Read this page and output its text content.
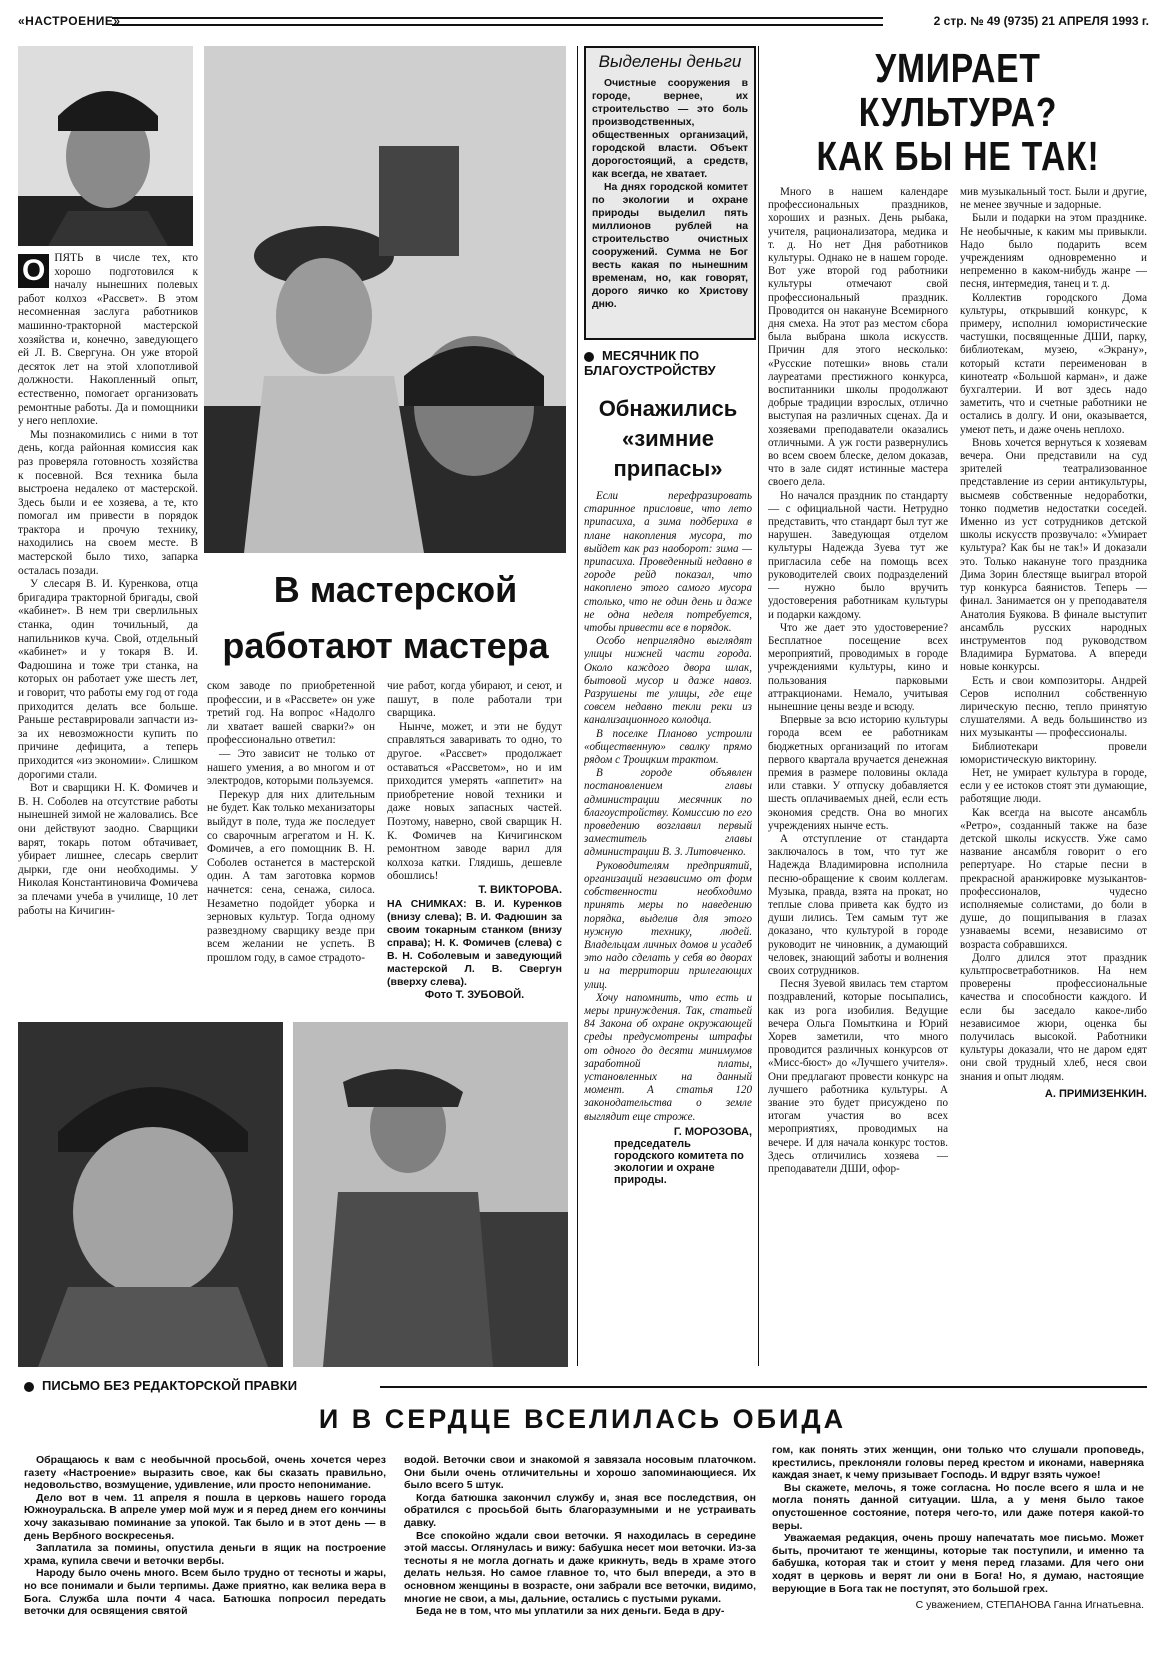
«НАСТРОЕНИЕ»	2 стр. № 49 (9735) 21 АПРЕЛЯ 1993 г.
О ПЯТЬ в числе тех, кто хорошо подготовился к началу нынешних полевых работ колхоз «Рассвет». В этом несомненная заслуга работников машинно-тракторной мастерской хозяйства и, конечно, заведующего ей Л. В. Свергуна. Он уже второй десяток лет на этой хлопотливой должности. Накопленный опыт, естественно, помогает организовать ремонтные работы. Да и помощники у него неплохие.

Мы познакомились с ними в тот день, когда районная комиссия как раз проверяла готовность хозяйства к посевной. Вся техника была выстроена недалеко от мастерской. Здесь были и ее хозяева, а те, кто помогал им привести в порядок трактора и прочую технику, находились на своем месте. В мастерской было тихо, запарка осталась позади.

У слесаря В. И. Куренкова, отца бригадира тракторной бригады, свой «кабинет». В нем три сверлильных станка, один точильный, да напильников куча. Свой, отдельный «кабинет» и у токаря В. И. Фадюшина и тоже три станка, на которых он работает уже шесть лет, и говорит, что работы ему год от года приходится делать все больше. Раньше реставрировали запчасти из-за их невозможности купить по причине дефицита, а теперь приходится «из экономии». Слишком дорогими стали.

Вот и сварщики Н. К. Фомичев и В. Н. Соболев на отсутствие работы нынешней зимой не жаловались. Все они действуют заодно. Сварщики варят, токарь потом обтачивает, убирает лишнее, слесарь сверлит дырки, где они необходимы. У Николая Константиновича Фомичева за плечами учеба в училище, 10 лет работы на Кичигин-

В мастерской
работают мастера

ском заводе по приобретенной профессии, и в «Рассвете» он уже третий год. На вопрос «Надолго ли хватает вашей сварки?» он профессионально ответил:

— Это зависит не только от нашего умения, а во многом и от электродов, которыми пользуемся.

Перекур для них длительным не будет. Как только механизаторы выйдут в поле, туда же последует со сварочным агрегатом и Н. К. Фомичев, а его помощник В. Н. Соболев останется в мастерской один. А там заготовка кормов начнется: сена, сенажа, силоса. Незаметно подойдет уборка и зерновых культур. Тогда одному развездному сварщику везде при всем желании не успеть. В прошлом году, в самое страдото-

чие работ, когда убирают, и сеют, и пашут, в поле работали три сварщика.

Нынче, может, и эти не будут справляться заваривать то одно, то другое. «Рассвет» продолжает оставаться «Рассветом», но и им приходится умерять «аппетит» на приобретение новой техники и даже новых запасных частей. Поэтому, наверно, свой сварщик Н. К. Фомичев на Кичигинском ремонтном заводе варил для колхоза катки. Глядишь, дешевле обошлись!

Т. ВИКТОРОВА.
НА СНИМКАХ: В. И. Куренков (внизу слева); В. И. Фадюшин за своим токарным станком (внизу справа); Н. К. Фомичев (слева) с В. Н. Соболевым и заведующий мастерской Л. В. Свергун (вверху слева).
Фото Т. ЗУБОВОЙ.
Выделены деньги

Очистные сооружения в городе, вернее, их строительство — это боль производственных, общественных организаций, городской власти. Объект дорогостоящий, а средств, как всегда, не хватает.

На днях городской комитет по экологии и охране природы выделил пять миллионов рублей на строительство очистных сооружений. Сумма не Бог весть какая по нынешним временам, но, как говорят, дорого яичко ко Христову дню.

МЕСЯЧНИК ПО БЛАГОУСТРОЙСТВУ
Обнажились «зимние припасы»

Если перефразировать старинное присловие, что лето припасиха, а зима подбериха в плане накопления мусора, то выйдет как раз наоборот: зима — припасиха. Проведенный недавно в городе рейд показал, что накоплено этого самого мусора столько, что не один день и даже не одна неделя потребуется, чтобы привести все в порядок.

Особо неприглядно выглядят улицы нижней части города. Около каждого двора шлак, бытовой мусор и даже навоз. Разрушены те улицы, где еще совсем недавно текли реки из канализационного колодца.

В поселке Планово устроили «общественную» свалку прямо рядом с Троицким трактом.

В городе объявлен постановлением главы администрации месячник по благоустройству. Комиссию по его проведению возглавил первый заместитель главы администрации В. З. Литовченко.

Руководителям предприятий, организаций независимо от форм собственности необходимо принять меры по наведению порядка, выделив для этого нужную технику, людей. Владельцам личных домов и усадеб это надо сделать у себя во дворах и на территории прилегающих улиц.

Хочу напомнить, что есть и меры принуждения. Так, статьей 84 Закона об охране окружающей среды предусмотрены штрафы от одного до десяти минимумов заработной платы, установленных на данный момент. А статья 120 законодательства о земле выглядит еще строже.

Г. МОРОЗОВА,
председатель городского комитета по экологии и охране природы.
УМИРАЕТ
КУЛЬТУРА?
КАК БЫ НЕ ТАК!

Много в нашем календаре профессиональных праздников, хороших и разных. День рыбака, учителя, рационализатора, медика и т. д. Но нет Дня работников культуры. Однако не в нашем городе. Вот уже второй год работники культуры отмечают свой профессиональный праздник. Проводится он накануне Всемирного дня смеха. На этот раз местом сбора была выбрана школа искусств. Причин для этого несколько: «Русские потешки» вновь стали лауреатами престижного конкурса, воспитанники школы продолжают добрые традиции взрослых, отлично выступая на различных сценах. Да и хозяевами преподаватели оказались отличными. А уж гости развернулись во всем своем блеске, делом доказав, что в зале сидят истинные мастера своего дела.

Но начался праздник по стандарту — с официальной части. Нетрудно представить, что стандарт был тут же нарушен. Заведующая отделом культуры Надежда Зуева тут же пригласила себе на помощь всех руководителей своих подразделений — нужно было вручить удостоверения работникам культуры и подарки каждому.

Что же дает это удостоверение? Бесплатное посещение всех мероприятий, проводимых в городе учреждениями культуры, кино и пользования парковыми аттракционами. Немало, учитывая нынешние цены везде и всюду.

Впервые за всю историю культуры города всем ее работникам бюджетных организаций по итогам первого квартала вручается денежная премия в размере половины оклада или ставки. У отпуску добавляется шесть оплачиваемых дней, если есть экономия средств. Она во многих учреждениях нынче есть.

А отступление от стандарта заключалось в том, что тут же Надежда Владимировна исполнила песню-обращение к своим коллегам. Музыка, правда, взята на прокат, но теплые слова привета как будто из души лились. Тем самым тут же доказано, что культурой в городе руководит не чиновник, а думающий человек, знающий заботы и волнения своих сотрудников.

Песня Зуевой явилась тем стартом поздравлений, которые посыпались, как из рога изобилия. Ведущие вечера Ольга Помыткина и Юрий Хорев заметили, что много проводится различных конкурсов от «Мисс-бюст» до «Лучшего учителя». Они предлагают провести конкурс на лучшего работника культуры. А звание это будет присуждено по итогам участия во всех мероприятиях, проводимых на вечере. И для начала конкурс тостов. Здесь отличились хозяева — преподаватели ДШИ, офор-

мив музыкальный тост. Были и другие, не менее звучные и задорные.

Были и подарки на этом празднике. Не необычные, к каким мы привыкли. Надо было подарить всем учреждениям одновременно и непременно в каком-нибудь жанре — песня, интермедия, танец и т. д.

Коллектив городского Дома культуры, открывший конкурс, к примеру, исполнил юмористические частушки, посвященные ДШИ, парку, библиотекам, музею, «Экрану», который кстати переименован в кинотеатр «Большой карман», и даже бухгалтерии. И вот здесь надо заметить, что и счетные работники не остались в долгу. И они, оказывается, умеют петь, и даже очень неплохо.

Вновь хочется вернуться к хозяевам вечера. Они представили на суд зрителей театрализованное представление из серии антикультуры, высмеяв собственные недоработки, тонко подметив недостатки соседей. Именно из уст сотрудников детской школы искусств прозвучало: «Умирает культура? Как бы не так!» И доказали это. Только накануне того праздника Дима Зорин блестяще выиграл второй тур конкурса баянистов. Теперь — финал. Занимается он у преподавателя Анатолия Буякова. В финале выступит ансамбль русских народных инструментов под руководством Владимира Бурматова. А впереди новые конкурсы.

Есть и свои композиторы. Андрей Серов исполнил собственную лирическую песню, тепло принятую слушателями. А ведь большинство из них музыканты — профессионалы.

Библиотекари провели юмористическую викторину.

Нет, не умирает культура в городе, если у ее истоков стоят эти думающие, работящие люди.

Как всегда на высоте ансамбль «Ретро», созданный также на базе детской школы искусств. Уже само название ансамбля говорит о его репертуаре. Но старые песни в прекрасной аранжировке музыкантов-профессионалов, чудесно исполняемые солистами, до боли в душе, до пощипывания в глазах узнаваемы всеми, независимо от возраста собравшихся.

Долго длился этот праздник культпросветработников. На нем проверены профессиональные качества и способности каждого. И если бы заседало какое-либо независимое жюри, оценка бы получилась высокой. Работники культуры доказали, что не даром едят они свой трудный хлеб, неся свои знания и опыт людям.

А. ПРИМИЗЕНКИН.
ПИСЬМО БЕЗ РЕДАКТОРСКОЙ ПРАВКИ
И В СЕРДЦЕ ВСЕЛИЛАСЬ ОБИДА

Обращаюсь к вам с необычной просьбой, очень хочется через газету «Настроение» выразить свое, как бы сказать правильно, недовольство, возмущение, удивление, или просто непонимание.

Дело вот в чем. 11 апреля я пошла в церковь нашего города Южноуральска. В апреле умер мой муж и я перед днем его кончины хочу заказываю поминание за упокой. Так было и в этот день — в день Вербного воскресенья.

Заплатила за помины, опустила деньги в ящик на построение храма, купила свечи и веточки вербы.

Народу было очень много. Всем было трудно от тесноты и жары, но все понимали и были терпимы. Даже приятно, как велика вера в Бога. Служба шла почти 4 часа. Батюшка попросил передать веточки для освящения святой

водой. Веточки свои и знакомой я завязала носовым платочком. Они были очень отличительны и хорошо запоминающиеся. Их было всего 5 штук.

Когда батюшка закончил службу и, зная все последствия, он обратился с просьбой быть благоразумными и не устраивать давку.

Все спокойно ждали свои веточки. Я находилась в середине этой массы. Оглянулась и вижу: бабушка несет мои веточки. Из-за тесноты я не могла догнать и даже крикнуть, ведь в храме этого делать нельзя. Но самое главное то, что был впереди, а это в основном женщины в возрасте, они забрали все веточки, видимо, многие не свои, а мы, дальние, остались с пустыми руками.

Беда не в том, что мы уплатили за них деньги. Беда в дру-

гом, как понять этих женщин, они только что слушали проповедь, крестились, преклоняли головы перед крестом и иконами, наверняка каждая знает, к чему призывает Господь. И вдруг взять чужое!

Вы скажете, мелочь, я тоже согласна. Но после всего я шла и не могла понять данной ситуации. Шла, а у меня было такое опустошенное состояние, потеря чего-то, или даже потеря какой-то веры.

Уважаемая редакция, очень прошу напечатать мое письмо. Может быть, прочитают те женщины, которые так поступили, и именно та бабушка, которая так и стоит у меня перед глазами. Для чего они ходят в церковь и верят ли они в Бога! Но, я думаю, настоящие верующие в Бога так не поступят, это большой грех.

С уважением, СТЕПАНОВА Ганна Игнатьевна.
